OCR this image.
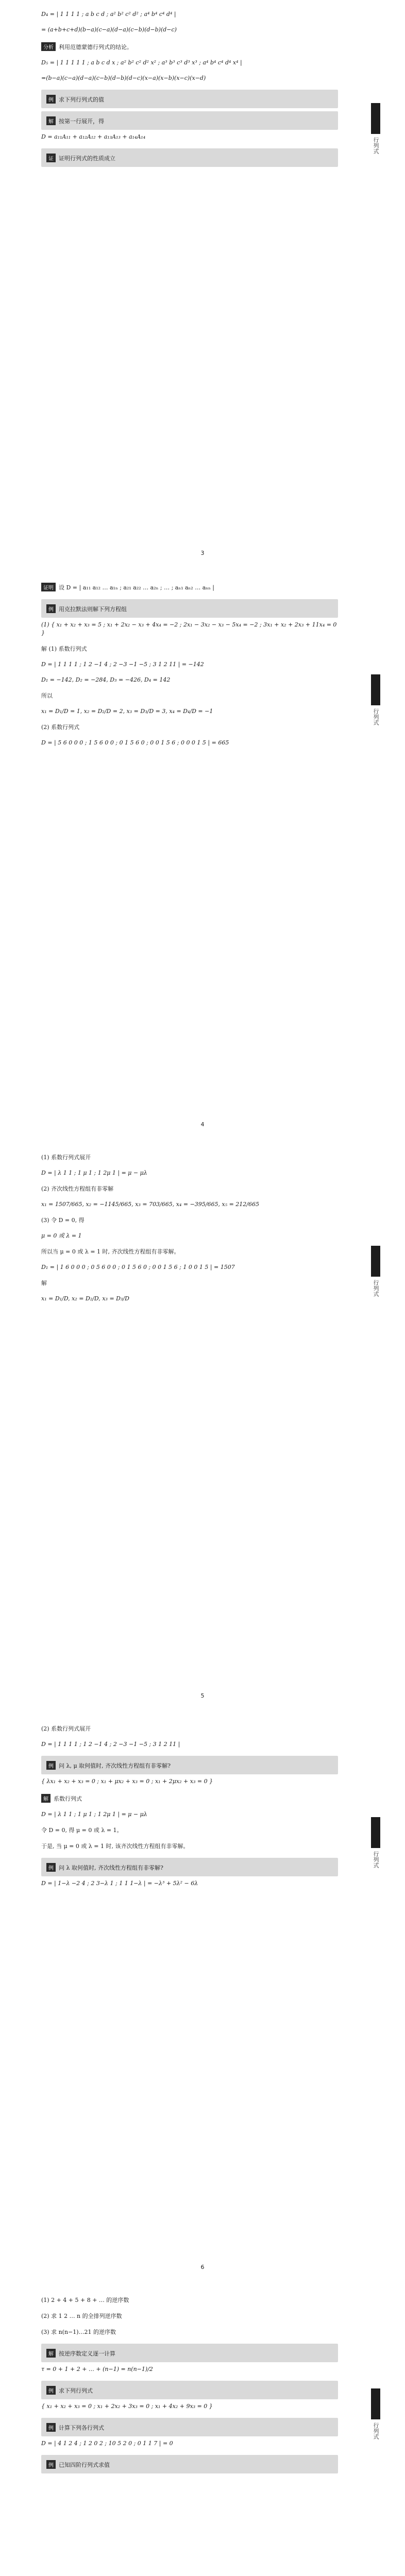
行列式
D₄ = | 1 1 1 1 ; a b c d ; a² b² c² d² ; a⁴ b⁴ c⁴ d⁴ |
= (a+b+c+d)(b−a)(c−a)(d−a)(c−b)(d−b)(d−c)
分析 利用范德蒙德行列式的结论。
D₅ = | 1 1 1 1 1 ; a b c d x ; a² b² c² d² x² ; a³ b³ c³ d³ x³ ; a⁴ b⁴ c⁴ d⁴ x⁴ |
=(b−a)(c−a)(d−a)(c−b)(d−b)(d−c)(x−a)(x−b)(x−c)(x−d)
例 求下列行列式的值
解 按第一行展开，得
D = a₁₁A₁₁ + a₁₂A₁₂ + a₁₃A₁₃ + a₁₄A₁₄
证 证明行列式的性质成立
3
行列式
证明 设 D = | a₁₁ a₁₂ … a₁ₙ ; a₂₁ a₂₂ … a₂ₙ ; … ; aₙ₁ aₙ₂ … aₙₙ |
例 用克拉默法则解下列方程组
(1) { x₁ + x₂ + x₃ = 5 ; x₁ + 2x₂ − x₃ + 4x₄ = −2 ; 2x₁ − 3x₂ − x₃ − 5x₄ = −2 ; 3x₁ + x₂ + 2x₃ + 11x₄ = 0 }
解 (1) 系数行列式
D = | 1 1 1 1 ; 1 2 −1 4 ; 2 −3 −1 −5 ; 3 1 2 11 | = −142
D₁ = −142, D₂ = −284, D₃ = −426, D₄ = 142
所以
x₁ = D₁/D = 1, x₂ = D₂/D = 2, x₃ = D₃/D = 3, x₄ = D₄/D = −1
(2) 系数行列式
D = | 5 6 0 0 0 ; 1 5 6 0 0 ; 0 1 5 6 0 ; 0 0 1 5 6 ; 0 0 0 1 5 | = 665
4
行列式
(1) 系数行列式展开
D = | λ 1 1 ; 1 μ 1 ; 1 2μ 1 | = μ − μλ
(2) 齐次线性方程组有非零解
x₁ = 1507/665, x₂ = −1145/665, x₃ = 703/665, x₄ = −395/665, x₅ = 212/665
(3) 令 D = 0, 得
μ = 0 或 λ = 1
所以当 μ = 0 或 λ = 1 时, 齐次线性方程组有非零解。
D₁ = | 1 6 0 0 0 ; 0 5 6 0 0 ; 0 1 5 6 0 ; 0 0 1 5 6 ; 1 0 0 1 5 | = 1507
解
x₁ = D₁/D, x₂ = D₂/D, x₃ = D₃/D
5
行列式
(2) 系数行列式展开
D = | 1 1 1 1 ; 1 2 −1 4 ; 2 −3 −1 −5 ; 3 1 2 11 |
例 问 λ, μ 取何值时, 齐次线性方程组有非零解?
{ λx₁ + x₂ + x₃ = 0 ; x₁ + μx₂ + x₃ = 0 ; x₁ + 2μx₂ + x₃ = 0 }
解 系数行列式
D = | λ 1 1 ; 1 μ 1 ; 1 2μ 1 | = μ − μλ
令 D = 0, 得 μ = 0 或 λ = 1。
于是, 当 μ = 0 或 λ = 1 时, 该齐次线性方程组有非零解。
例 问 λ 取何值时, 齐次线性方程组有非零解?
D = | 1−λ −2 4 ; 2 3−λ 1 ; 1 1 1−λ | = −λ³ + 5λ² − 6λ
6
行列式
(1) 2 + 4 + 5 + 8 + … 的逆序数
(2) 求 1 2 … n 的全排列逆序数
(3) 求 n(n−1)…21 的逆序数
解 按逆序数定义逐一计算
τ = 0 + 1 + 2 + … + (n−1) = n(n−1)/2
例 求下列行列式
{ x₁ + x₂ + x₃ = 0 ; x₁ + 2x₂ + 3x₃ = 0 ; x₁ + 4x₂ + 9x₃ = 0 }
例 计算下列各行列式
D = | 4 1 2 4 ; 1 2 0 2 ; 10 5 2 0 ; 0 1 1 7 | = 0
例 已知四阶行列式求值
